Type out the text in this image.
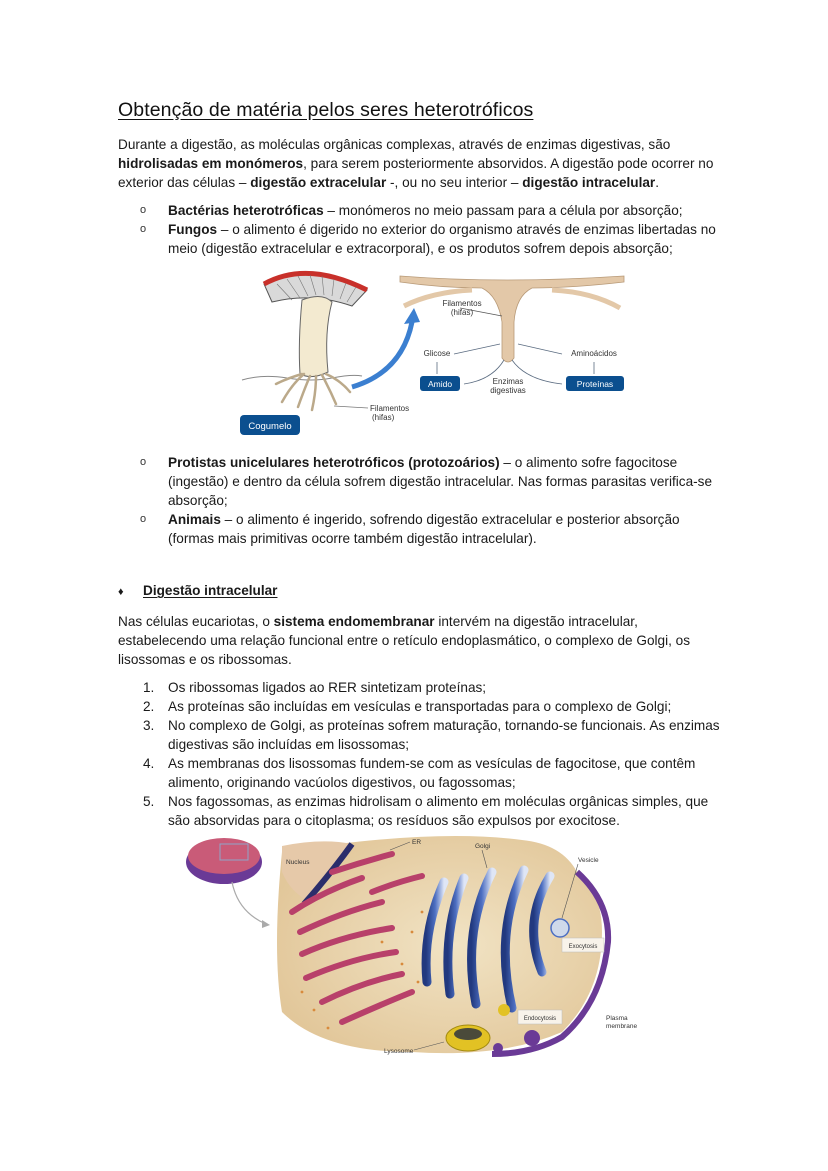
Obtenção de matéria pelos seres heterotróficos
Durante a digestão, as moléculas orgânicas complexas, através de enzimas digestivas, são
hidrolisadas em monómeros, para serem posteriormente absorvidos. A digestão pode ocorrer no
exterior das células – digestão extracelular -, ou no seu interior – digestão intracelular.
o Bactérias heterotróficas – monómeros no meio passam para a célula por absorção;
o Fungos – o alimento é digerido no exterior do organismo através de enzimas libertadas no meio (digestão extracelular e extracorporal), e os produtos sofrem depois absorção;
Cogumelo
Filamentos
(hifas)
Filamentos
(hifas)
Glicose	Aminoácidos
Amido	Proteínas
Enzimas
digestivas
o Protistas unicelulares heterotróficos (protozoários) – o alimento sofre fagocitose (ingestão) e dentro da célula sofrem digestão intracelular. Nas formas parasitas verifica-se absorção;
o Animais – o alimento é ingerido, sofrendo digestão extracelular e posterior absorção (formas mais primitivas ocorre também digestão intracelular).
♦ Digestão intracelular
Nas células eucariotas, o sistema endomembranar intervém na digestão intracelular, estabelecendo uma relação funcional entre o retículo endoplasmático, o complexo de Golgi, os lisossomas e os ribossomas.
1. Os ribossomas ligados ao RER sintetizam proteínas;
2. As proteínas são incluídas em vesículas e transportadas para o complexo de Golgi;
3. No complexo de Golgi, as proteínas sofrem maturação, tornando-se funcionais. As enzimas digestivas são incluídas em lisossomas;
4. As membranas dos lisossomas fundem-se com as vesículas de fagocitose, que contêm alimento, originando vacúolos digestivos, ou fagossomas;
5. Nos fagossomas, as enzimas hidrolisam o alimento em moléculas orgânicas simples, que são absorvidas para o citoplasma; os resíduos são expulsos por exocitose.
ER
Nucleus
Golgi
Vesicle
Exocytosis
Endocytosis	Plasma
membrane
Lysosome
